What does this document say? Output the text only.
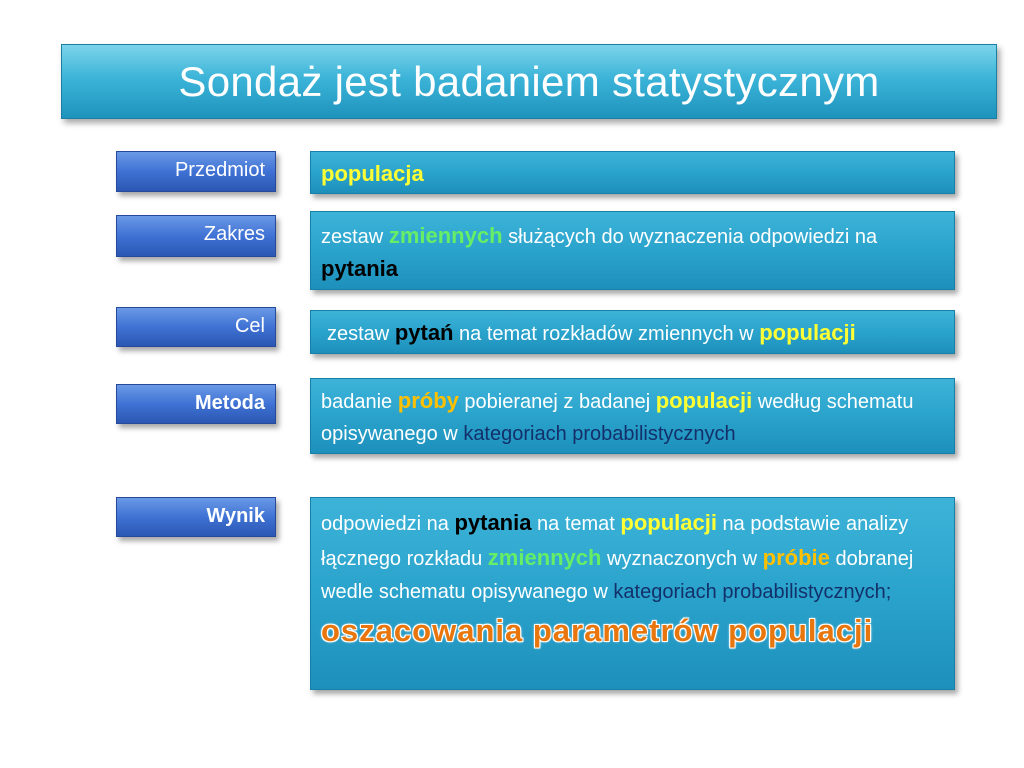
Sondaż jest badaniem statystycznym
Przedmiot	populacja
Zakres	zestaw zmiennych służących do wyznaczenia odpowiedzi na pytania
Cel	zestaw pytań na temat rozkładów zmiennych w populacji
Metoda	badanie próby pobieranej z badanej populacji według schematu opisywanego w kategoriach probabilistycznych
Wynik	odpowiedzi na pytania na temat populacji na podstawie analizy łącznego rozkładu zmiennych wyznaczonych w próbie dobranej wedle schematu opisywanego w kategoriach probabilistycznych;
oszacowania parametrów populacji
